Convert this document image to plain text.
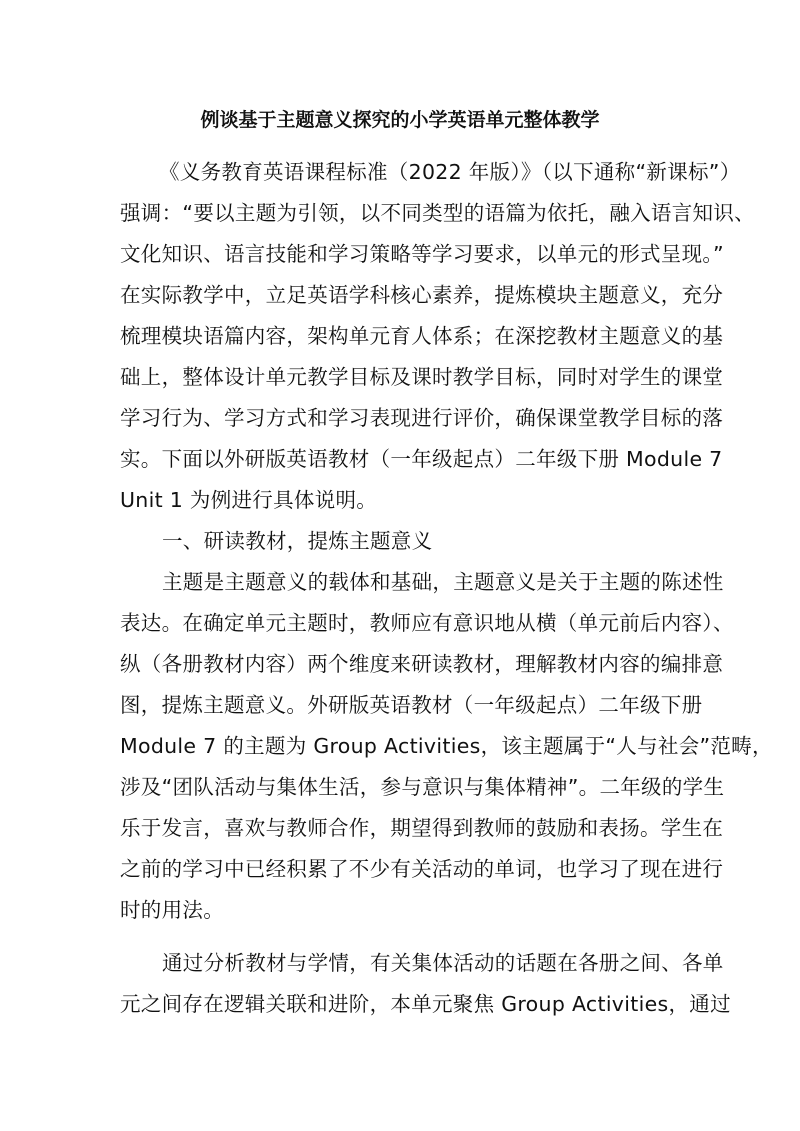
例谈基于主题意义探究的小学英语单元整体教学
《义务教育英语课程标准（2022 年版）》（以下通称“新课标”）
强调：“要以主题为引领，以不同类型的语篇为依托，融入语言知识、
文化知识、语言技能和学习策略等学习要求，以单元的形式呈现。”
在实际教学中，立足英语学科核心素养，提炼模块主题意义，充分
梳理模块语篇内容，架构单元育人体系；在深挖教材主题意义的基
础上，整体设计单元教学目标及课时教学目标，同时对学生的课堂
学习行为、学习方式和学习表现进行评价，确保课堂教学目标的落
实。下面以外研版英语教材（一年级起点）二年级下册 Module 7
Unit 1 为例进行具体说明。
一、研读教材，提炼主题意义
主题是主题意义的载体和基础，主题意义是关于主题的陈述性
表达。在确定单元主题时，教师应有意识地从横（单元前后内容）、
纵（各册教材内容）两个维度来研读教材，理解教材内容的编排意
图，提炼主题意义。外研版英语教材（一年级起点）二年级下册
Module 7 的主题为 Group Activities，该主题属于“人与社会”范畴，
涉及“团队活动与集体生活，参与意识与集体精神”。二年级的学生
乐于发言，喜欢与教师合作，期望得到教师的鼓励和表扬。学生在
之前的学习中已经积累了不少有关活动的单词，也学习了现在进行
时的用法。
通过分析教材与学情，有关集体活动的话题在各册之间、各单
元之间存在逻辑关联和进阶，本单元聚焦 Group Activities，通过
